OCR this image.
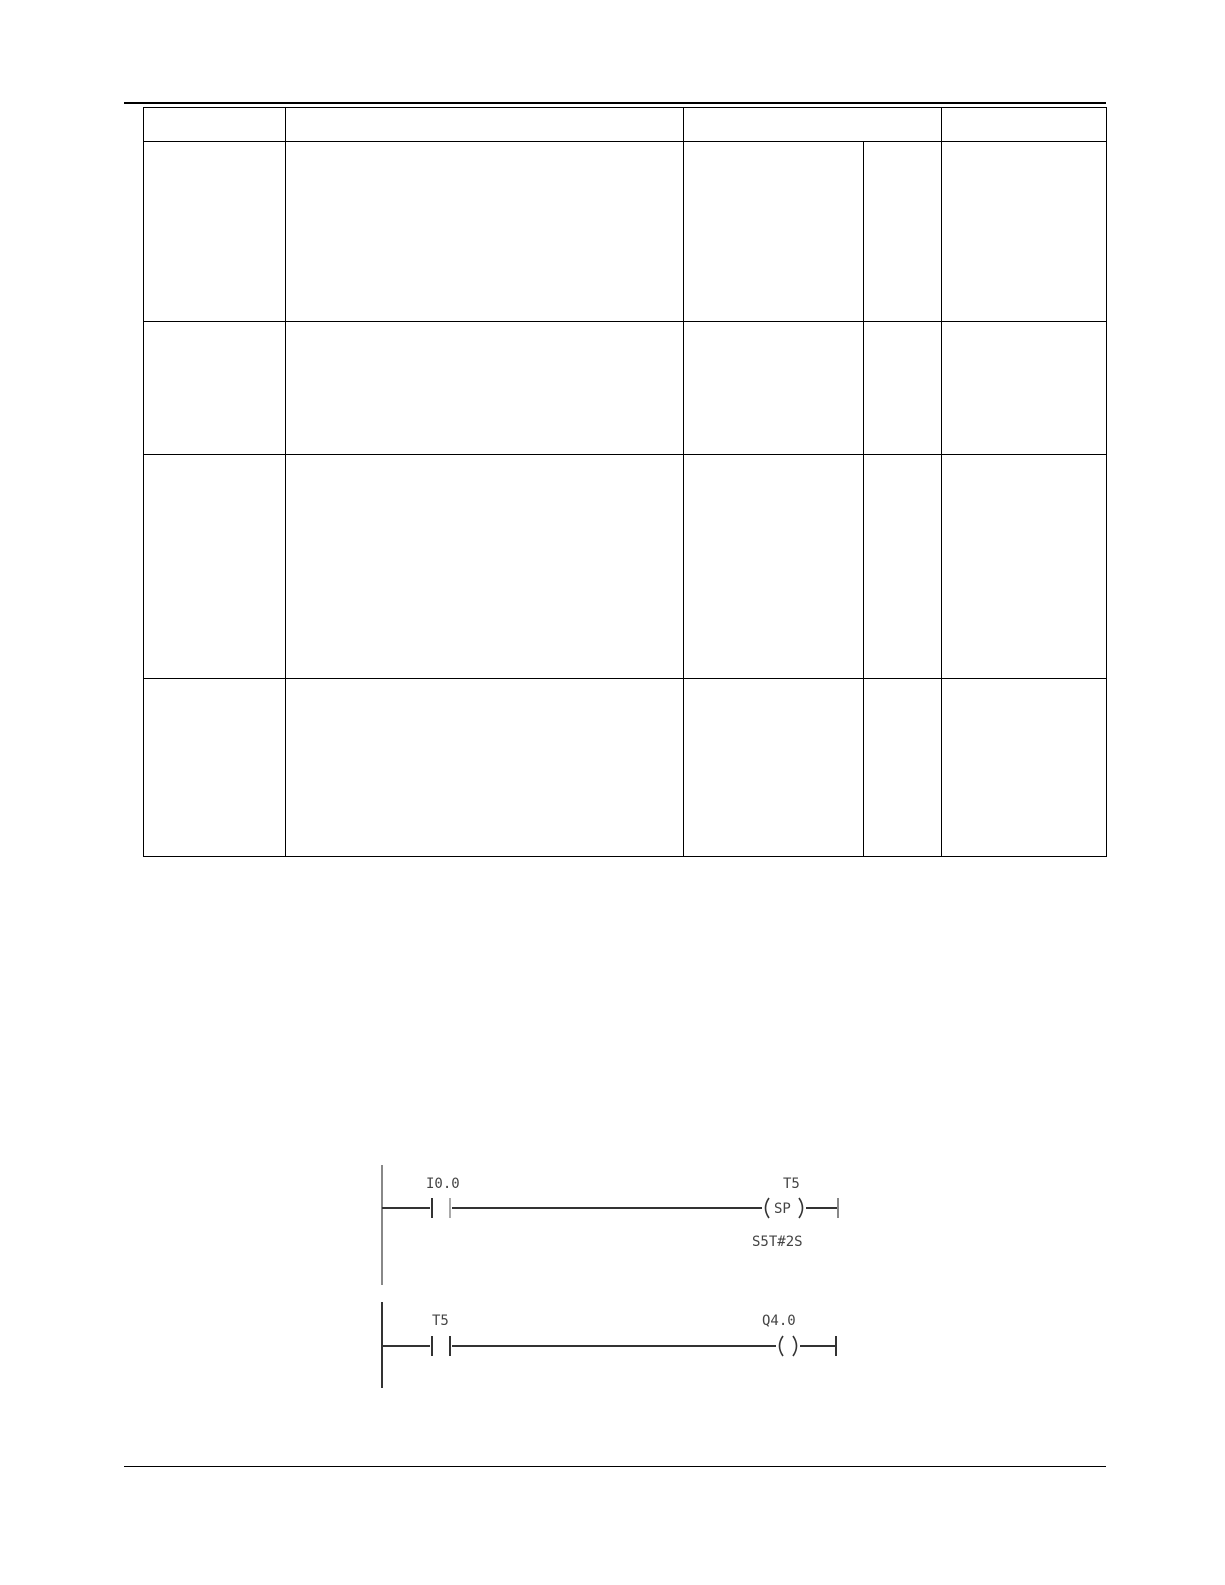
I0.0
SP
T5
S5T#2S
T5	Q4.0
